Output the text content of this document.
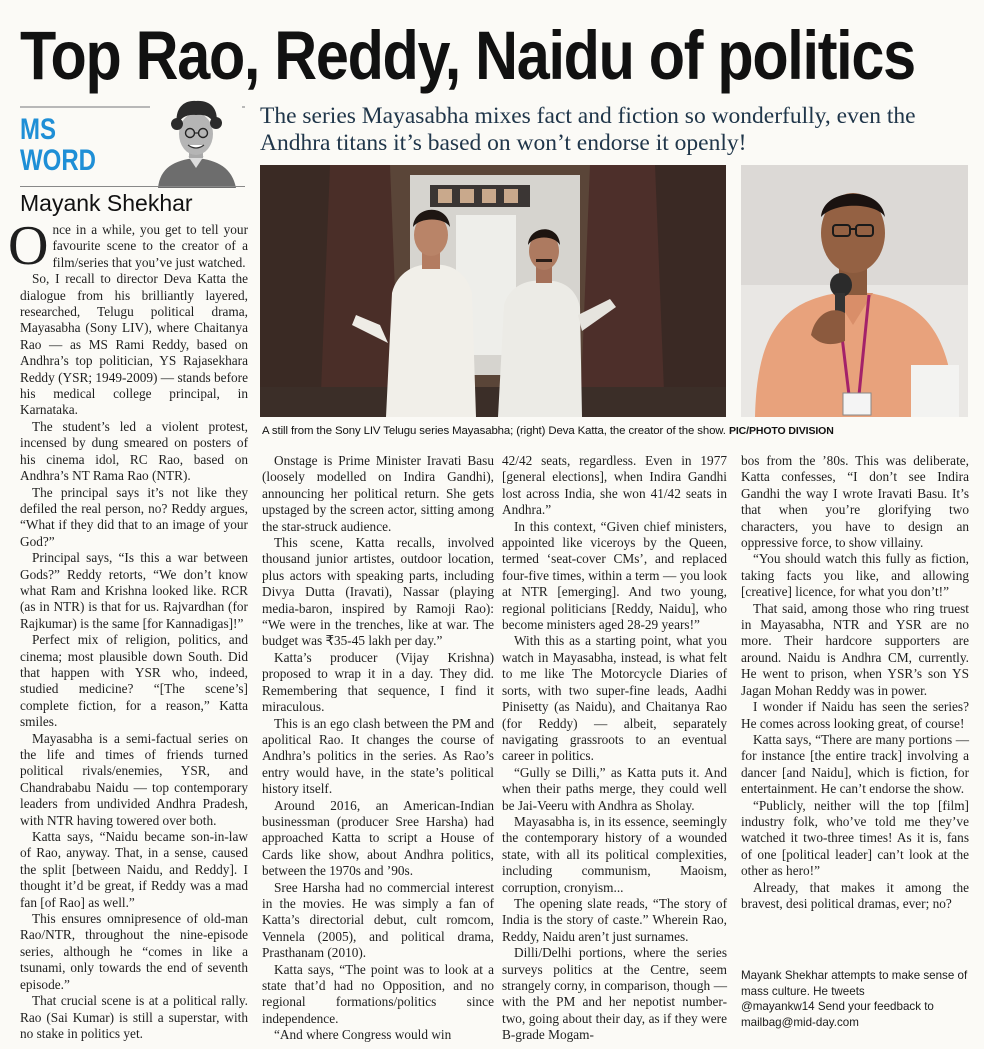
Top Rao, Reddy, Naidu of politics
MS
WORD
Mayank Shekhar
The series Mayasabha mixes fact and fiction so wonderfully, even the Andhra titans it’s based on won’t endorse it openly!
A still from the Sony LIV Telugu series Mayasabha; (right) Deva Katta, the creator of the show. PIC/PHOTO DIVISION

Once in a while, you get to tell your favourite scene to the creator of a film/series that you’ve just watched.

So, I recall to director Deva Katta the dialogue from his brilliantly layered, researched, Telugu political drama, Mayasabha (Sony LIV), where Chaitanya Rao — as MS Rami Reddy, based on Andhra’s top politician, YS Rajasekhara Reddy (YSR; 1949-2009) — stands before his medical college principal, in Karnataka.

The student’s led a violent protest, incensed by dung smeared on posters of his cinema idol, RC Rao, based on Andhra’s NT Rama Rao (NTR).

The principal says it’s not like they defiled the real person, no? Reddy argues, “What if they did that to an image of your God?”

Principal says, “Is this a war between Gods?” Reddy retorts, “We don’t know what Ram and Krishna looked like. RCR (as in NTR) is that for us. Rajvardhan (for Rajkumar) is the same [for Kannadigas]!”

Perfect mix of religion, politics, and cinema; most plausible down South. Did that happen with YSR who, indeed, studied medicine? “[The scene’s] complete fiction, for a reason,” Katta smiles.

Mayasabha is a semi-factual series on the life and times of friends turned political rivals/enemies, YSR, and Chandrababu Naidu — top contemporary leaders from undivided Andhra Pradesh, with NTR having towered over both.

Katta says, “Naidu became son-in-law of Rao, anyway. That, in a sense, caused the split [between Naidu, and Reddy]. I thought it’d be great, if Reddy was a mad fan [of Rao] as well.”

This ensures omnipresence of old-man Rao/NTR, throughout the nine-episode series, although he “comes in like a tsunami, only towards the end of seventh episode.”

That crucial scene is at a political rally. Rao (Sai Kumar) is still a superstar, with no stake in politics yet.

Onstage is Prime Minister Iravati Basu (loosely modelled on Indira Gandhi), announcing her political return. She gets upstaged by the screen actor, sitting among the star-struck audience.

This scene, Katta recalls, involved thousand junior artistes, outdoor location, plus actors with speaking parts, including Divya Dutta (Iravati), Nassar (playing media-baron, inspired by Ramoji Rao): “We were in the trenches, like at war. The budget was ₹35-45 lakh per day.”

Katta’s producer (Vijay Krishna) proposed to wrap it in a day. They did. Remembering that sequence, I find it miraculous.

This is an ego clash between the PM and apolitical Rao. It changes the course of Andhra’s politics in the series. As Rao’s entry would have, in the state’s political history itself.

Around 2016, an American-Indian businessman (producer Sree Harsha) had approached Katta to script a House of Cards like show, about Andhra politics, between the 1970s and ’90s.

Sree Harsha had no commercial interest in the movies. He was simply a fan of Katta’s directorial debut, cult romcom, Vennela (2005), and political drama, Prasthanam (2010).

Katta says, “The point was to look at a state that’d had no Opposition, and no regional formations/politics since independence.

“And where Congress would win

42/42 seats, regardless. Even in 1977 [general elections], when Indira Gandhi lost across India, she won 41/42 seats in Andhra.”

In this context, “Given chief ministers, appointed like viceroys by the Queen, termed ‘seat-cover CMs’, and replaced four-five times, within a term — you look at NTR [emerging]. And two young, regional politicians [Reddy, Naidu], who become ministers aged 28-29 years!”

With this as a starting point, what you watch in Mayasabha, instead, is what felt to me like The Motorcycle Diaries of sorts, with two super-fine leads, Aadhi Pinisetty (as Naidu), and Chaitanya Rao (for Reddy) — albeit, separately navigating grassroots to an eventual career in politics.

“Gully se Dilli,” as Katta puts it. And when their paths merge, they could well be Jai-Veeru with Andhra as Sholay.

Mayasabha is, in its essence, seemingly the contemporary history of a wounded state, with all its political complexities, including communism, Maoism, corruption, cronyism...

The opening slate reads, “The story of India is the story of caste.” Wherein Rao, Reddy, Naidu aren’t just surnames.

Dilli/Delhi portions, where the series surveys politics at the Centre, seem strangely corny, in comparison, though — with the PM and her nepotist number-two, going about their day, as if they were B-grade Mogam-

bos from the ’80s. This was deliberate, Katta confesses, “I don’t see Indira Gandhi the way I wrote Iravati Basu. It’s that when you’re glorifying two characters, you have to design an oppressive force, to show villainy.

“You should watch this fully as fiction, taking facts you like, and allowing [creative] licence, for what you don’t!”

That said, among those who ring truest in Mayasabha, NTR and YSR are no more. Their hardcore supporters are around. Naidu is Andhra CM, currently. He went to prison, when YSR’s son YS Jagan Mohan Reddy was in power.

I wonder if Naidu has seen the series? He comes across looking great, of course!

Katta says, “There are many portions — for instance [the entire track] involving a dancer [and Naidu], which is fiction, for entertainment. He can’t endorse the show.

“Publicly, neither will the top [film] industry folk, who’ve told me they’ve watched it two-three times! As it is, fans of one [political leader] can’t look at the other as hero!”

Already, that makes it among the bravest, desi political dramas, ever; no?

Mayank Shekhar attempts to make sense of mass culture. He tweets
@mayankw14 Send your feedback to
mailbag@mid-day.com
